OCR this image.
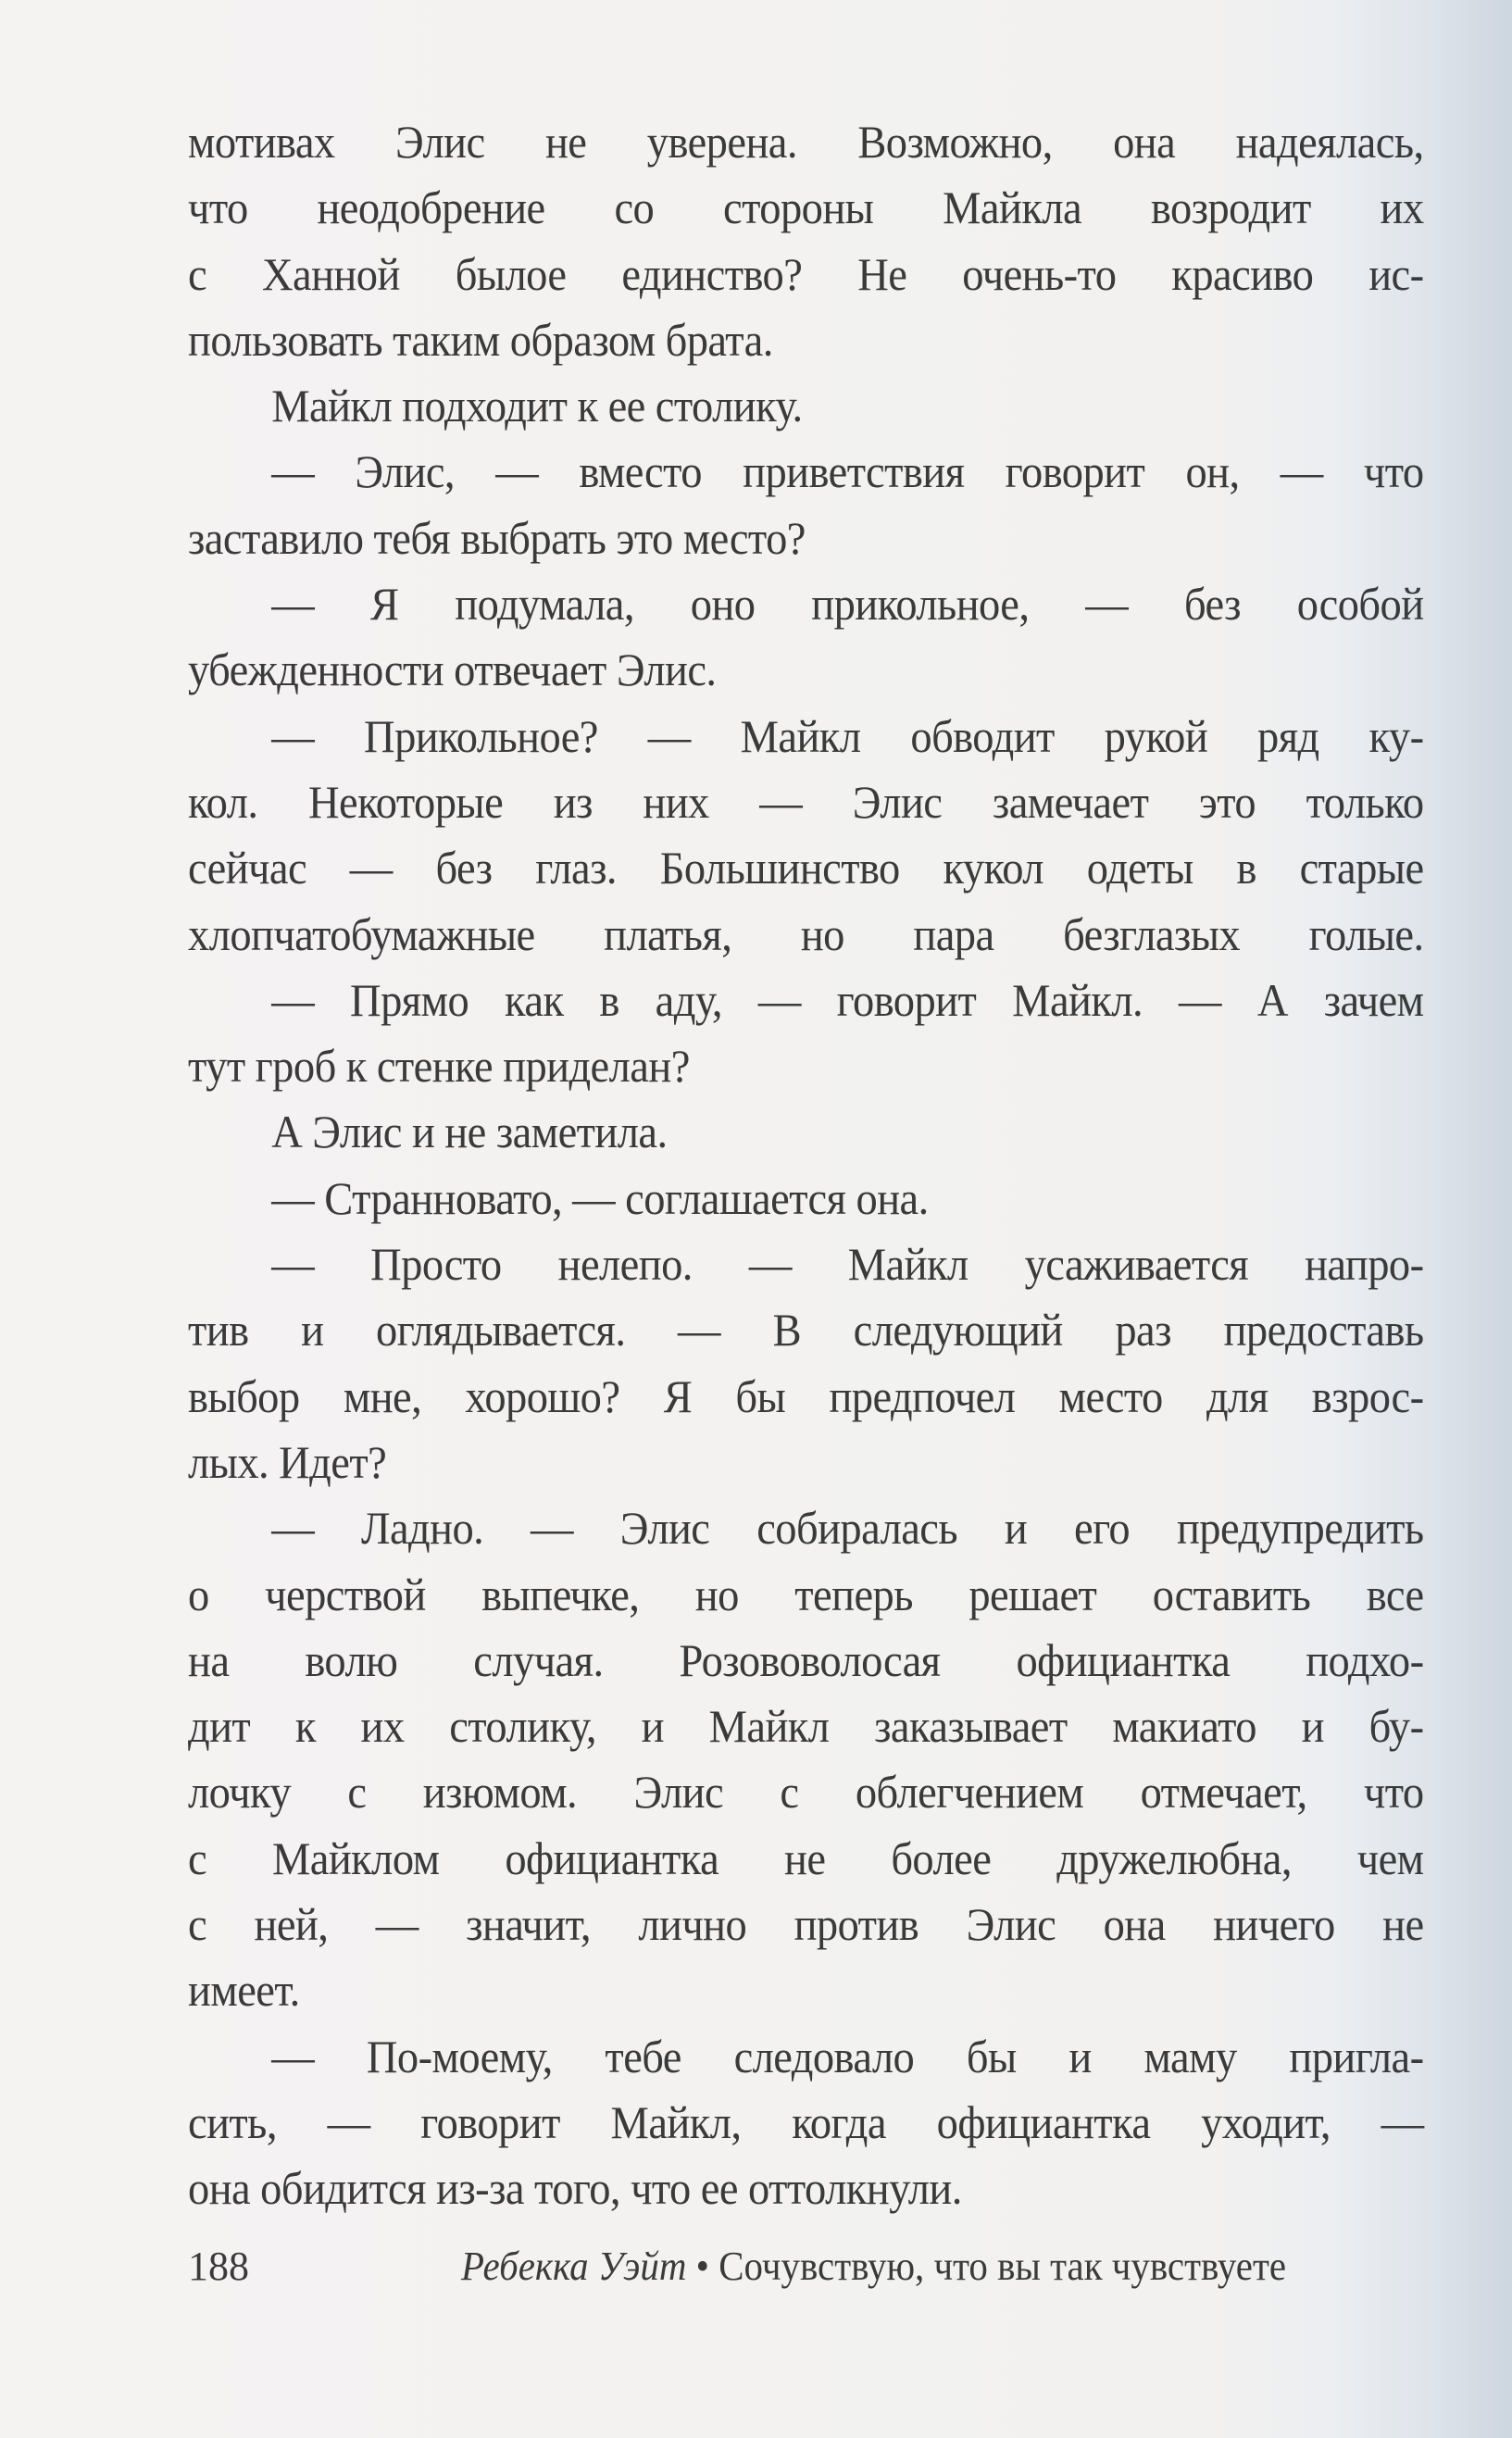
мотивах Элис не уверена. Возможно, она надеялась,
что неодобрение со стороны Майкла возродит их
с Ханной былое единство? Не очень-то красиво ис-
пользовать таким образом брата.
Майкл подходит к ее столику.
— Элис, — вместо приветствия говорит он, — что
заставило тебя выбрать это место?
— Я подумала, оно прикольное, — без особой
убежденности отвечает Элис.
— Прикольное? — Майкл обводит рукой ряд ку-
кол. Некоторые из них — Элис замечает это только
сейчас — без глаз. Большинство кукол одеты в старые
хлопчатобумажные платья, но пара безглазых голые.
— Прямо как в аду, — говорит Майкл. — А зачем
тут гроб к стенке приделан?
А Элис и не заметила.
— Странновато, — соглашается она.
— Просто нелепо. — Майкл усаживается напро-
тив и оглядывается. — В следующий раз предоставь
выбор мне, хорошо? Я бы предпочел место для взрос-
лых. Идет?
— Ладно. — Элис собиралась и его предупредить
о черствой выпечке, но теперь решает оставить все
на волю случая. Розововолосая официантка подхо-
дит к их столику, и Майкл заказывает макиато и бу-
лочку с изюмом. Элис с облегчением отмечает, что
с Майклом официантка не более дружелюбна, чем
с ней, — значит, лично против Элис она ничего не
имеет.
— По-моему, тебе следовало бы и маму пригла-
сить, — говорит Майкл, когда официантка уходит, —
она обидится из-за того, что ее оттолкнули.
188	Ребекка Уэйт • Сочувствую, что вы так чувствуете
